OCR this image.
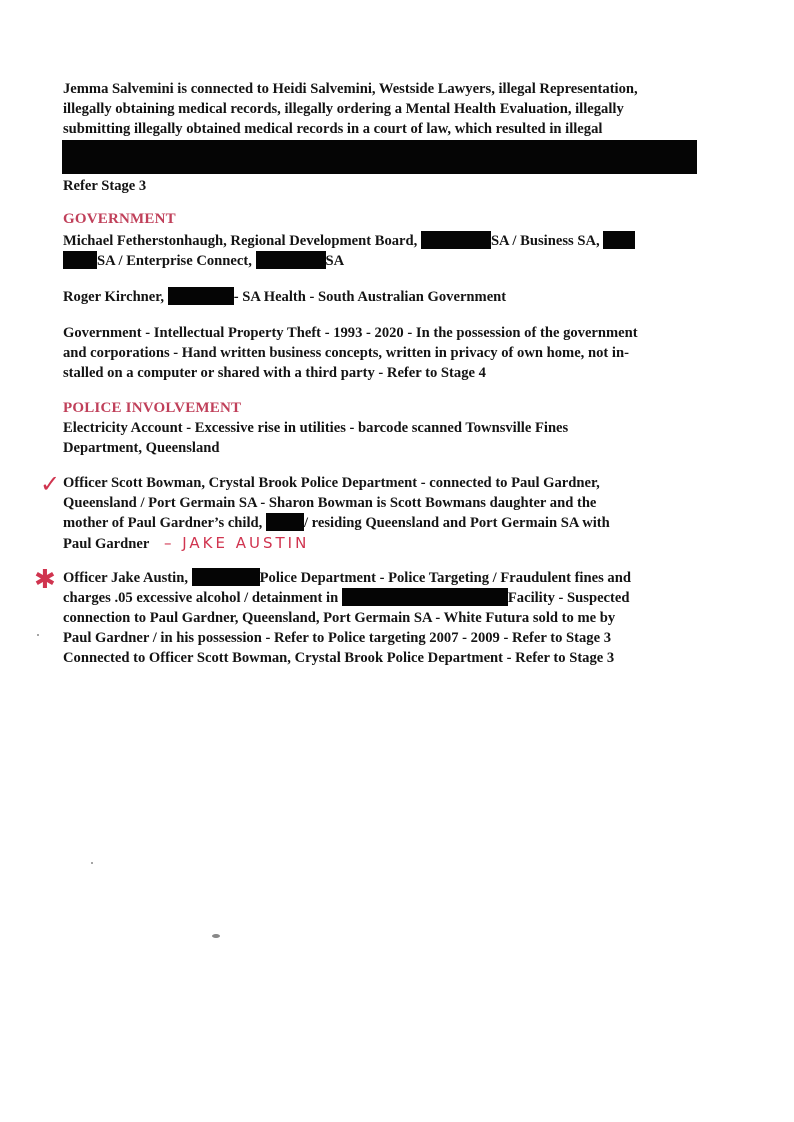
Jemma Salvemini is connected to Heidi Salvemini, Westside Lawyers, illegal Representation,
illegally obtaining medical records, illegally ordering a Mental Health Evaluation, illegally
submitting illegally obtained medical records in a court of law, which resulted in illegal
Refer Stage 3
GOVERNMENT
Michael Fetherstonhaugh, Regional Development Board,	SA / Business SA,
SA / Enterprise Connect,	SA
Roger Kirchner,	- SA Health - South Australian Government
Government - Intellectual Property Theft - 1993 - 2020 - In the possession of the government
and corporations - Hand written business concepts, written in privacy of own home, not in-
stalled on a computer or shared with a third party - Refer to Stage 4
POLICE INVOLVEMENT
Electricity Account - Excessive rise in utilities - barcode scanned Townsville Fines
Department, Queensland
✓ Officer Scott Bowman, Crystal Brook Police Department - connected to Paul Gardner,
Queensland / Port Germain SA - Sharon Bowman is Scott Bowmans daughter and the
mother of Paul Gardner’s child,	/ residing Queensland and Port Germain SA with
Paul Gardner – JAKE AUSTIN
✱ Officer Jake Austin,	Police Department - Police Targeting / Fraudulent fines and
charges .05 excessive alcohol / detainment in	Facility - Suspected
connection to Paul Gardner, Queensland, Port Germain SA - White Futura sold to me by
Paul Gardner / in his possession - Refer to Police targeting 2007 - 2009 - Refer to Stage 3
Connected to Officer Scott Bowman, Crystal Brook Police Department - Refer to Stage 3
